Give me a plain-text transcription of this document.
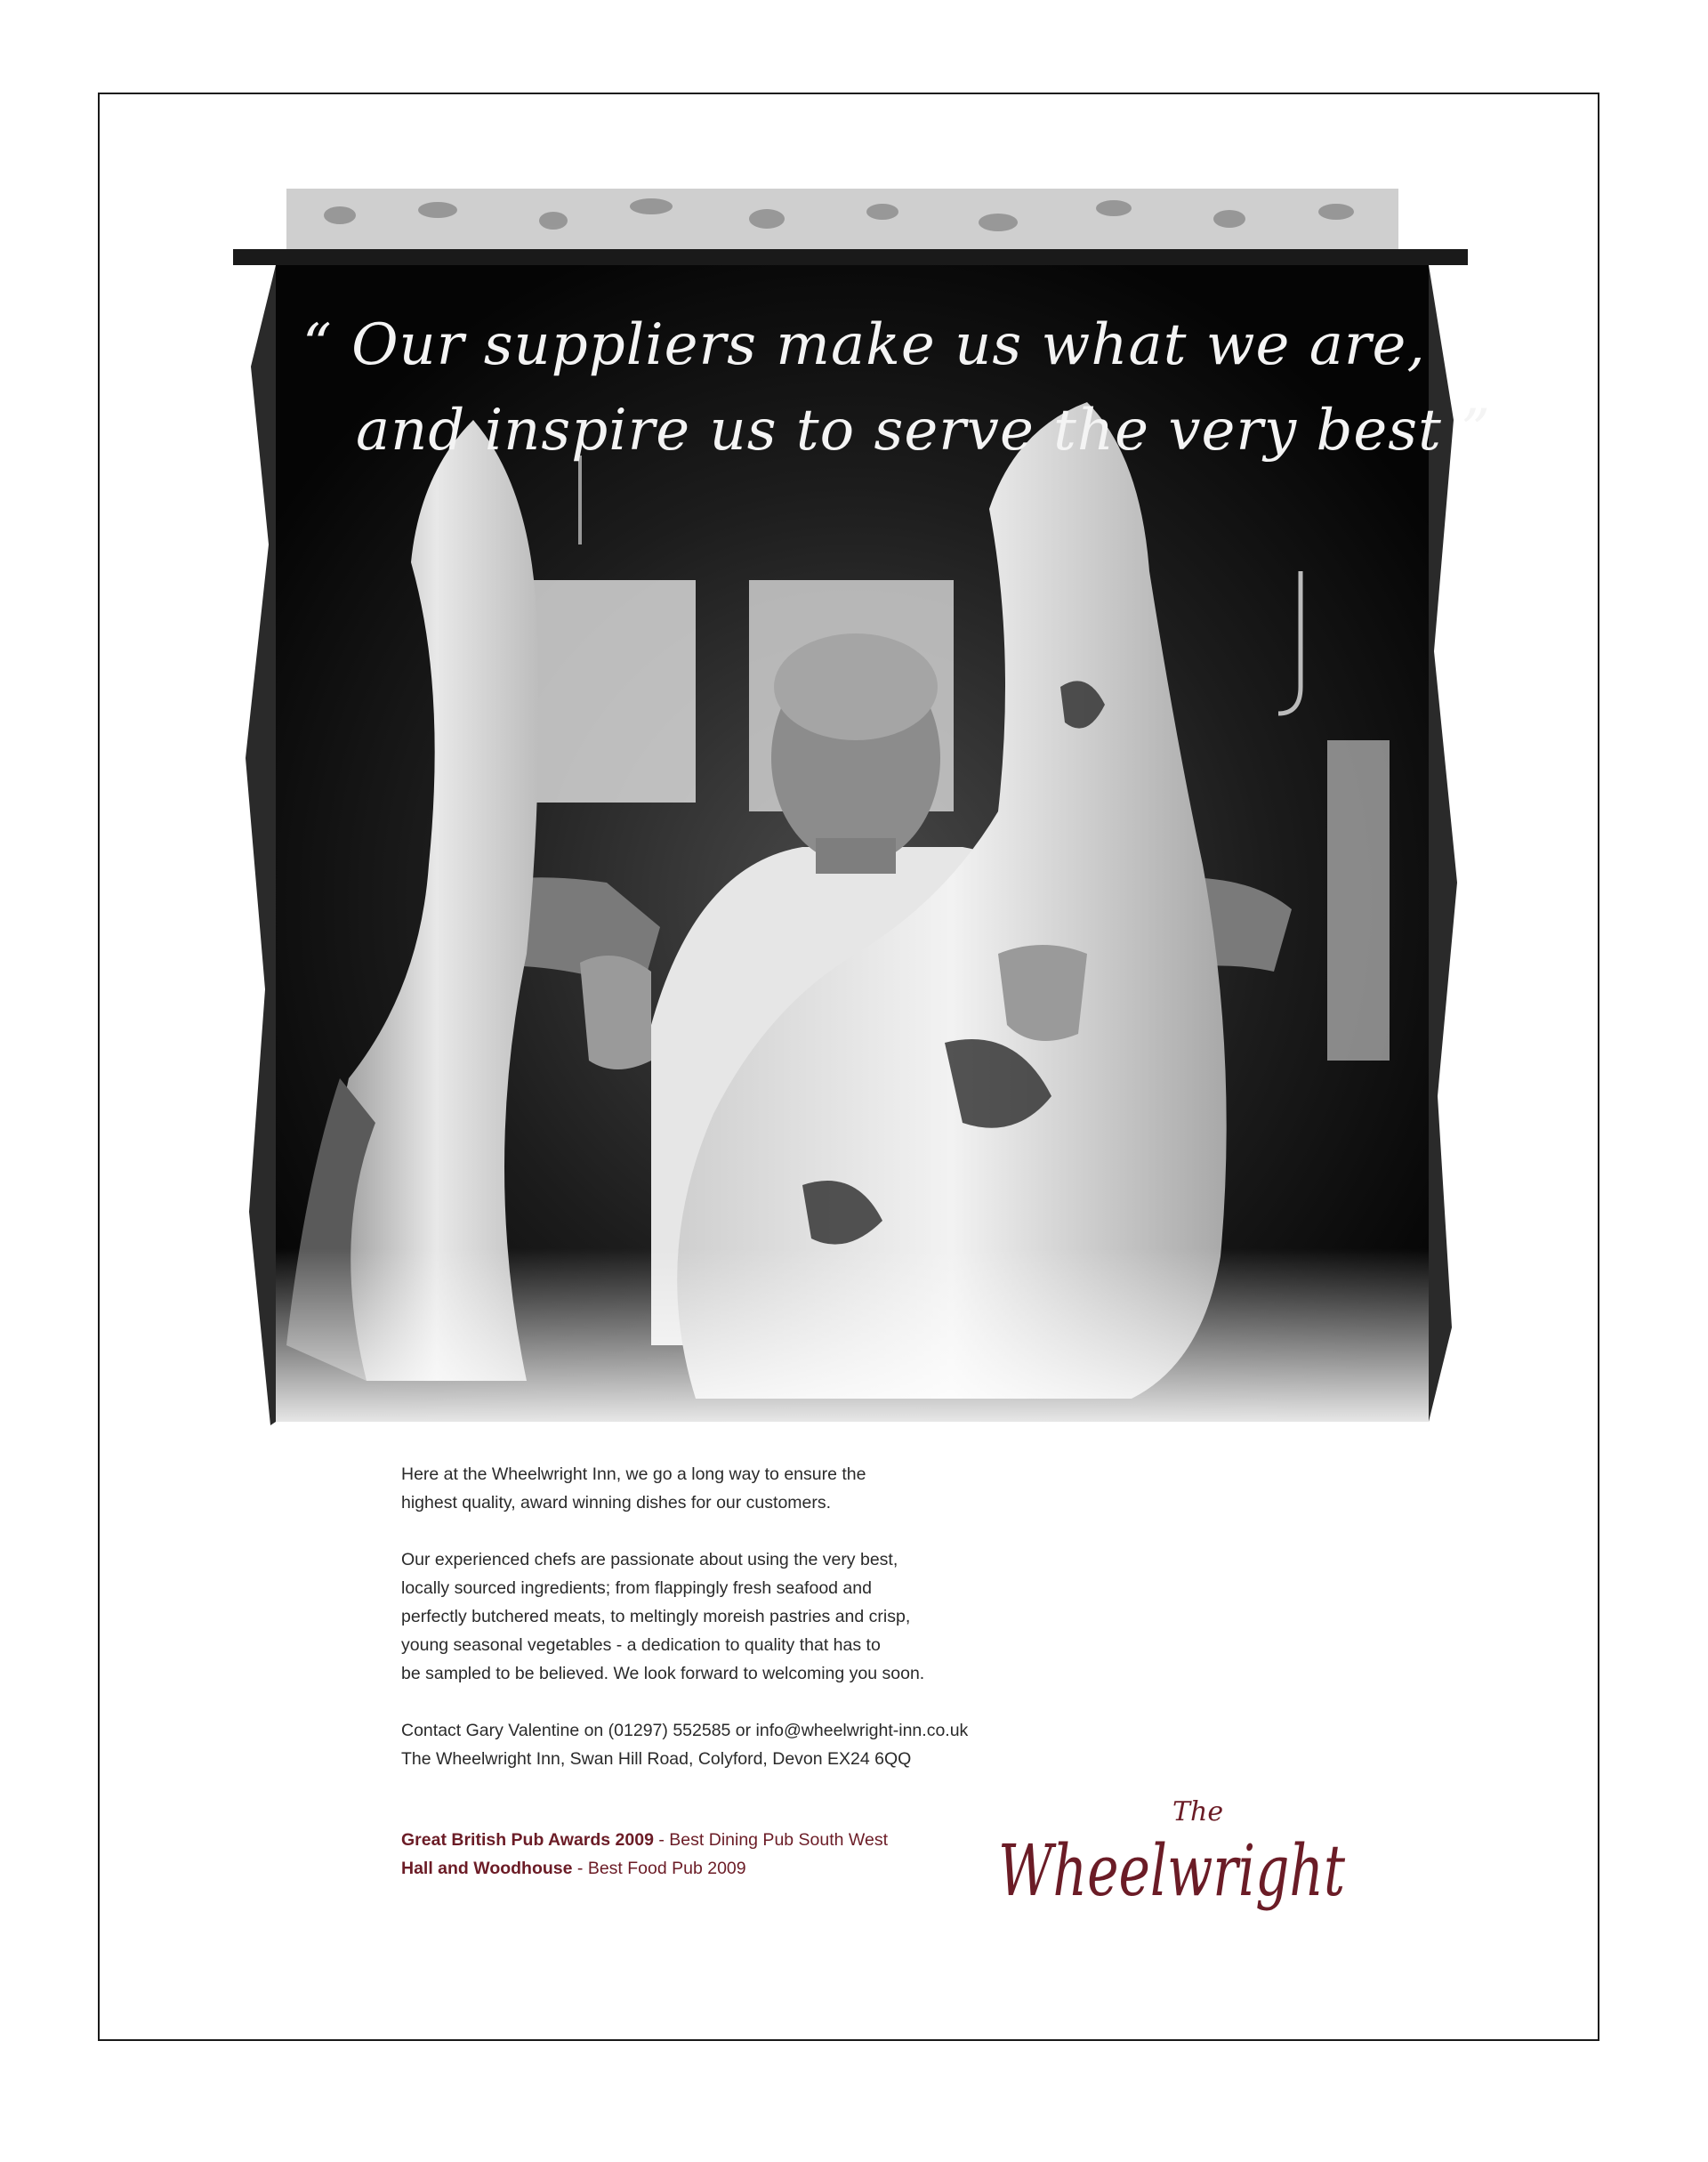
“ Our suppliers make us what we are,
and inspire us to serve the very best ”

Here at the Wheelwright Inn, we go a long way to ensure the
highest quality, award winning dishes for our customers.

Our experienced chefs are passionate about using the very best,
locally sourced ingredients; from flappingly fresh seafood and
perfectly butchered meats, to meltingly moreish pastries and crisp,
young seasonal vegetables - a dedication to quality that has to
be sampled to be believed. We look forward to welcoming you soon.

Contact Gary Valentine on (01297) 552585 or info@wheelwright-inn.co.uk
The Wheelwright Inn, Swan Hill Road, Colyford, Devon EX24 6QQ

Great British Pub Awards 2009 - Best Dining Pub South West
Hall and Woodhouse - Best Food Pub 2009
The
Wheelwright
